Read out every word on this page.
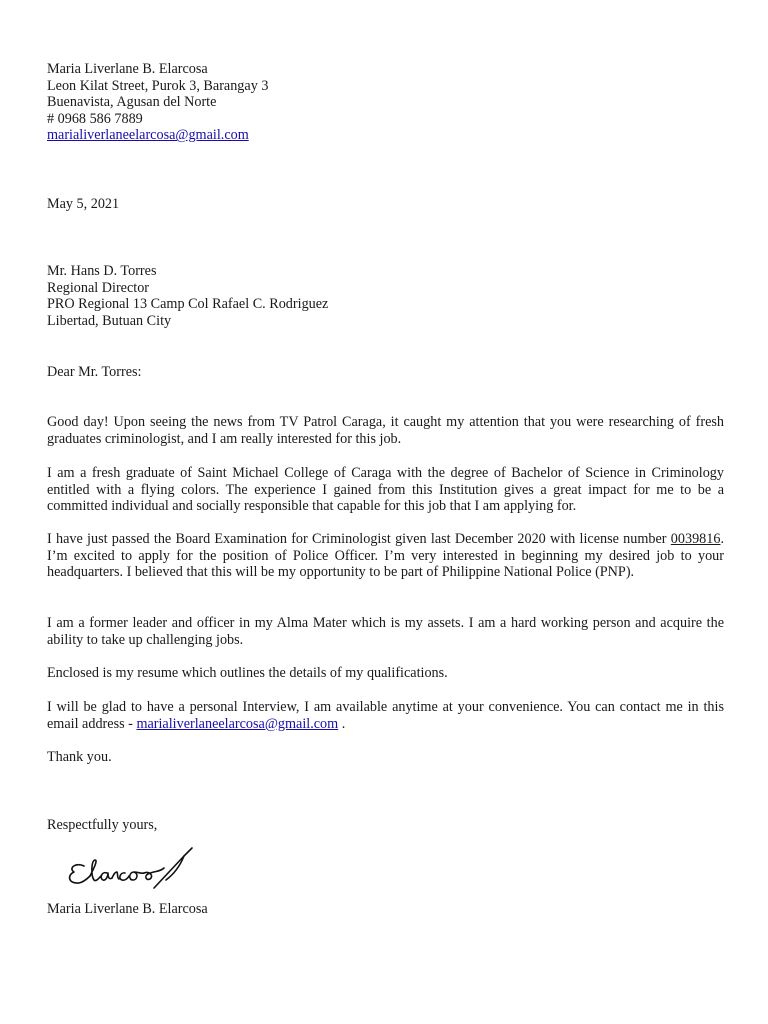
Maria Liverlane B. Elarcosa
Leon Kilat Street, Purok 3, Barangay 3
Buenavista, Agusan del Norte
# 0968 586 7889
marialiverlaneelarcosa@gmail.com
May 5, 2021
Mr. Hans D. Torres
Regional Director
PRO Regional 13 Camp Col Rafael C. Rodriguez
Libertad, Butuan City
Dear Mr. Torres:

Good day! Upon seeing the news from TV Patrol Caraga, it caught my attention that you were researching of fresh graduates criminologist, and I am really interested for this job.

I am a fresh graduate of Saint Michael College of Caraga with the degree of Bachelor of Science in Criminology entitled with a flying colors. The experience I gained from this Institution gives a great impact for me to be a committed individual and socially responsible that capable for this job that I am applying for.

I have just passed the Board Examination for Criminologist given last December 2020 with license number 0039816. I’m excited to apply for the position of Police Officer. I’m very interested in beginning my desired job to your headquarters. I believed that this will be my opportunity to be part of Philippine National Police (PNP).

I am a former leader and officer in my Alma Mater which is my assets. I am a hard working person and acquire the ability to take up challenging jobs.

Enclosed is my resume which outlines the details of my qualifications.

I will be glad to have a personal Interview, I am available anytime at your convenience. You can contact me in this email address - marialiverlaneelarcosa@gmail.com .

Thank you.
Respectfully yours,
Maria Liverlane B. Elarcosa
